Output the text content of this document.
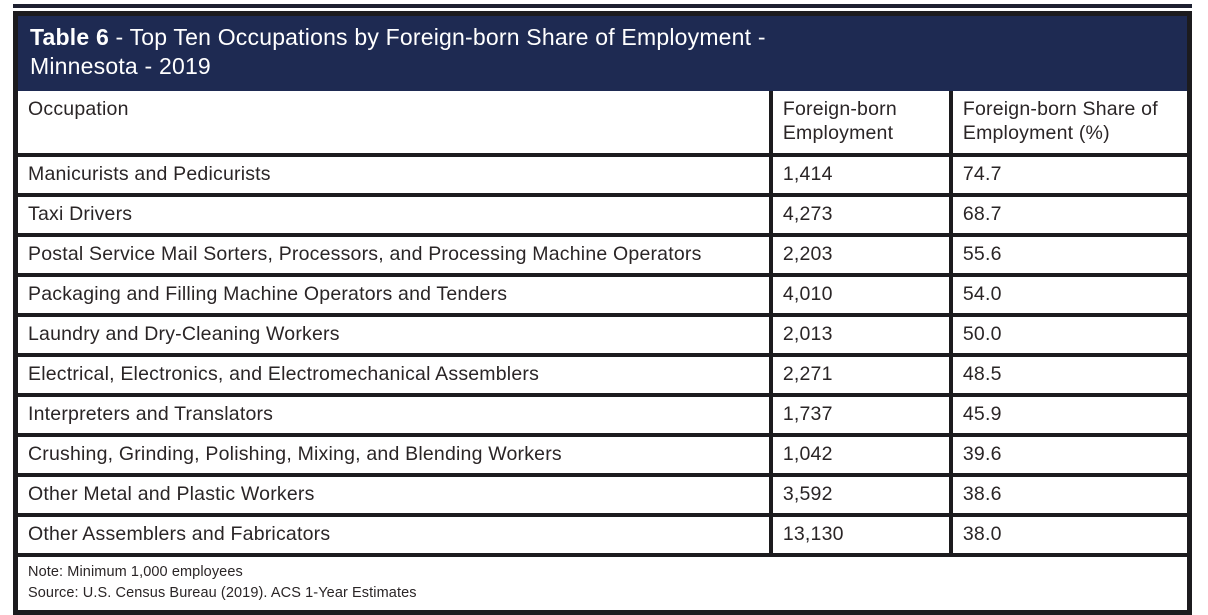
Table 6 - Top Ten Occupations by Foreign-born Share of Employment -
Minnesota - 2019
Occupation	Foreign-born Employment	Foreign-born Share of Employment (%)
Manicurists and Pedicurists	1,414	74.7
Taxi Drivers	4,273	68.7
Postal Service Mail Sorters, Processors, and Processing Machine Operators	2,203	55.6
Packaging and Filling Machine Operators and Tenders	4,010	54.0
Laundry and Dry-Cleaning Workers	2,013	50.0
Electrical, Electronics, and Electromechanical Assemblers	2,271	48.5
Interpreters and Translators	1,737	45.9
Crushing, Grinding, Polishing, Mixing, and Blending Workers	1,042	39.6
Other Metal and Plastic Workers	3,592	38.6
Other Assemblers and Fabricators	13,130	38.0

Note: Minimum 1,000 employees
Source: U.S. Census Bureau (2019). ACS 1-Year Estimates		
